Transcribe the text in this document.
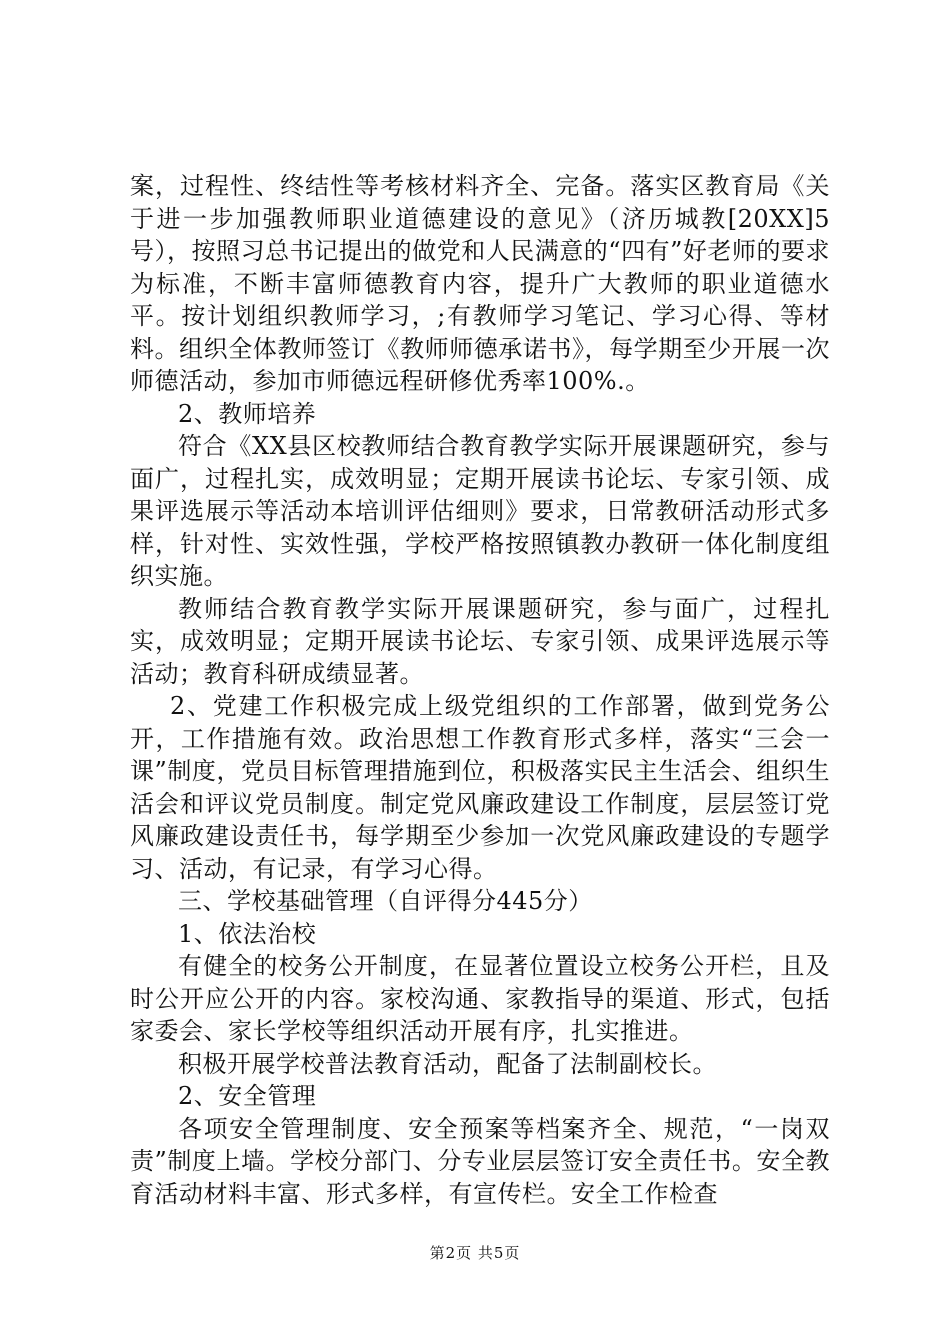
案，过程性、终结性等考核材料齐全、完备。落实区教育局《关于进一步加强教师职业道德建设的意见》（济历城教[20XX]5号），按照习总书记提出的做党和人民满意的“四有”好老师的要求为标准，不断丰富师德教育内容，提升广大教师的职业道德水平。按计划组织教师学习，;有教师学习笔记、学习心得、等材料。组织全体教师签订《教师师德承诺书》，每学期至少开展一次师德活动，参加市师德远程研修优秀率100%.。

2、教师培养

符合《XX县区校教师结合教育教学实际开展课题研究，参与面广，过程扎实，成效明显；定期开展读书论坛、专家引领、成果评选展示等活动本培训评估细则》要求，日常教研活动形式多样，针对性、实效性强，学校严格按照镇教办教研一体化制度组织实施。

教师结合教育教学实际开展课题研究，参与面广，过程扎实，成效明显；定期开展读书论坛、专家引领、成果评选展示等活动；教育科研成绩显著。

2、党建工作积极完成上级党组织的工作部署，做到党务公开，工作措施有效。政治思想工作教育形式多样，落实“三会一课”制度，党员目标管理措施到位，积极落实民主生活会、组织生活会和评议党员制度。制定党风廉政建设工作制度，层层签订党风廉政建设责任书，每学期至少参加一次党风廉政建设的专题学习、活动，有记录，有学习心得。

三、学校基础管理（自评得分445分）

1、依法治校

有健全的校务公开制度，在显著位置设立校务公开栏，且及时公开应公开的内容。家校沟通、家教指导的渠道、形式，包括家委会、家长学校等组织活动开展有序，扎实推进。

积极开展学校普法教育活动，配备了法制副校长。

2、安全管理

各项安全管理制度、安全预案等档案齐全、规范，“一岗双责”制度上墙。学校分部门、分专业层层签订安全责任书。安全教育活动材料丰富、形式多样，有宣传栏。安全工作检查

第2页 共5页
